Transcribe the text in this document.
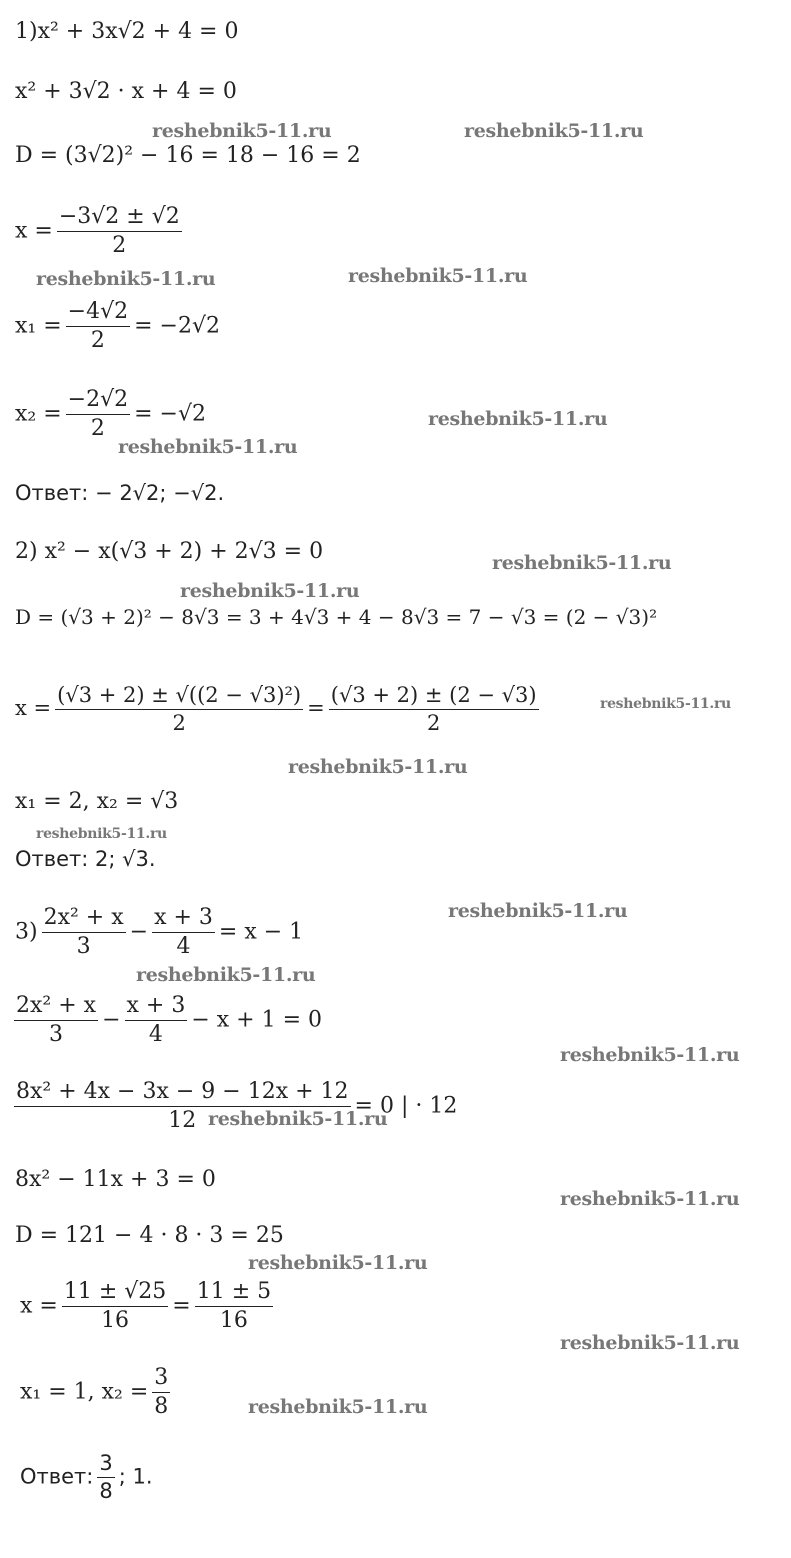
1)x² + 3x√2 + 4 = 0
x² + 3√2 · x + 4 = 0
D = (3√2)² − 16 = 18 − 16 = 2
$x = \frac{-3√2 \pm √2}{2}$
$x_1 = \frac{-4√2}{2} = -2√2$
$x_2 = \frac{-2√2}{2} = -√2$
Ответ: − 2√2; −√2.
2) x² − x(√3 + 2) + 2√3 = 0
D = (√3 + 2)² − 8√3 = 3 + 4√3 + 4 − 8√3 = 7 − √3 = (2 − √3)²
$x = \frac{\text{(√3 + 2) ± √((2 − √3)²)}}{2} = \frac{(√3 + 2) \pm (2 - √3)}{2}$
x₁ = 2, x₂ = √3
Ответ: 2; √3.
$3) \frac{\text{2x² + x}}{3} - \frac{x + 3}{4} = x - 1$
$\frac{\text{2x² + x}}{3} - \frac{x + 3}{4} - x + 1 = 0$
$\frac{\text{8x² + 4x − 3x − 9 − 12x + 12}}{12} = 0$ | · 12
8x² − 11x + 3 = 0
D = 121 − 4 · 8 · 3 = 25
$x = \frac{11 \pm √25}{16} = \frac{11 \pm 5}{16}$
x₁ = 1, $x_2 = \frac{3}{8}$
Ответ: $\frac{3}{8}$ ; 1.
reshebnik5-11.ru	reshebnik5-11.ru
reshebnik5-11.ru	reshebnik5-11.ru
reshebnik5-11.ru
reshebnik5-11.ru
reshebnik5-11.ru
reshebnik5-11.ru
reshebnik5-11.ru
reshebnik5-11.ru
reshebnik5-11.ru
reshebnik5-11.ru
reshebnik5-11.ru
reshebnik5-11.ru
reshebnik5-11.ru
reshebnik5-11.ru
reshebnik5-11.ru
reshebnik5-11.ru
reshebnik5-11.ru
